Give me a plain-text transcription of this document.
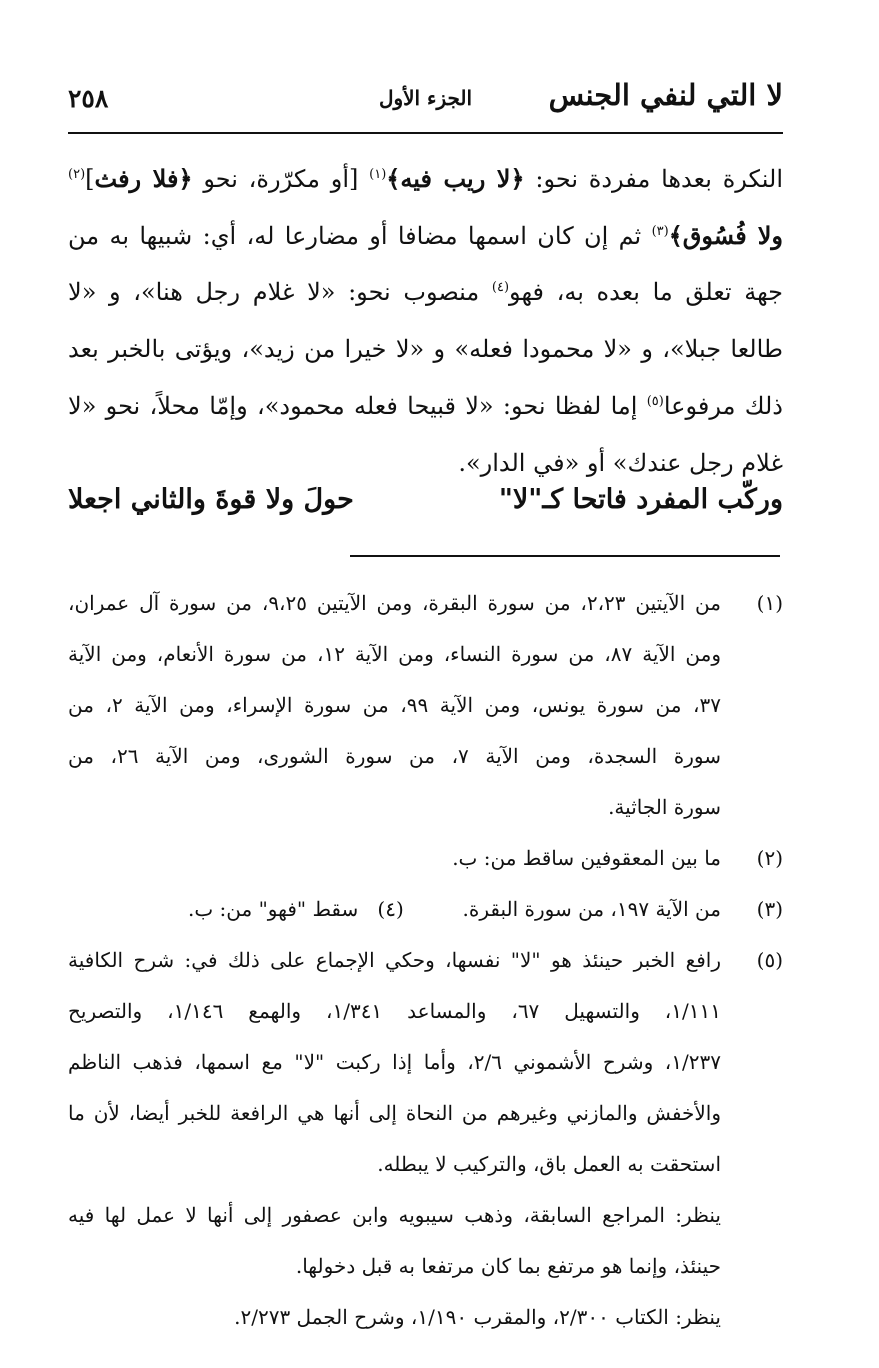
لا التي لنفي الجنس
الجزء الأول
٢٥٨
النكرة بعدها مفردة نحو: ﴿لا ريب فيه﴾$^{(١)}$ [أو مكرّرة، نحو ﴿فلا رفث]$^{(٢)}$
ولا فُسُوق﴾$^{(٣)}$ ثم إن كان اسمها مضافا أو مضارعا له، أي: شبيها به من
جهة تعلق ما بعده به، فهو$^{(٤)}$ منصوب نحو: «لا غلام رجل هنا»، و «لا
طالعا جبلا»، و «لا محمودا فعله» و «لا خيرا من زيد»، ويؤتى بالخبر بعد
ذلك مرفوعا$^{(٥)}$ إما لفظا نحو: «لا قبيحا فعله محمود»، وإمّا محلاً، نحو «لا
غلام رجل عندك» أو «في الدار».
وركّب المفرد فاتحا كـ"لا"
حولَ ولا قوةَ والثاني اجعلا
(١)
من الآيتين ٢،٢٣، من سورة البقرة، ومن الآيتين ٩،٢٥، من سورة آل عمران،
ومن الآية ٨٧، من سورة النساء، ومن الآية ١٢، من سورة الأنعام، ومن الآية
٣٧، من سورة يونس، ومن الآية ٩٩، من سورة الإسراء، ومن الآية ٢، من
سورة السجدة، ومن الآية ٧، من سورة الشورى، ومن الآية ٢٦، من
سورة الجاثية.
(٢)
ما بين المعقوفين ساقط من: ب.
(٣)
من الآية ١٩٧، من سورة البقرة.
(٤)   سقط "فهو" من: ب.
(٥)
رافع الخبر حينئذ هو "لا" نفسها، وحكي الإجماع على ذلك في: شرح الكافية
١/١١١، والتسهيل ٦٧، والمساعد ١/٣٤١، والهمع ١/١٤٦، والتصريح
١/٢٣٧، وشرح الأشموني ٢/٦، وأما إذا ركبت "لا" مع اسمها، فذهب الناظم
والأخفش والمازني وغيرهم من النحاة إلى أنها هي الرافعة للخبر أيضا، لأن ما
استحقت به العمل باق، والتركيب لا يبطله.
ينظر: المراجع السابقة، وذهب سيبويه وابن عصفور إلى أنها لا عمل لها فيه
حينئذ، وإنما هو مرتفع بما كان مرتفعا به قبل دخولها.
ينظر: الكتاب ٢/٣٠٠، والمقرب ١/١٩٠، وشرح الجمل ٢/٢٧٣.
